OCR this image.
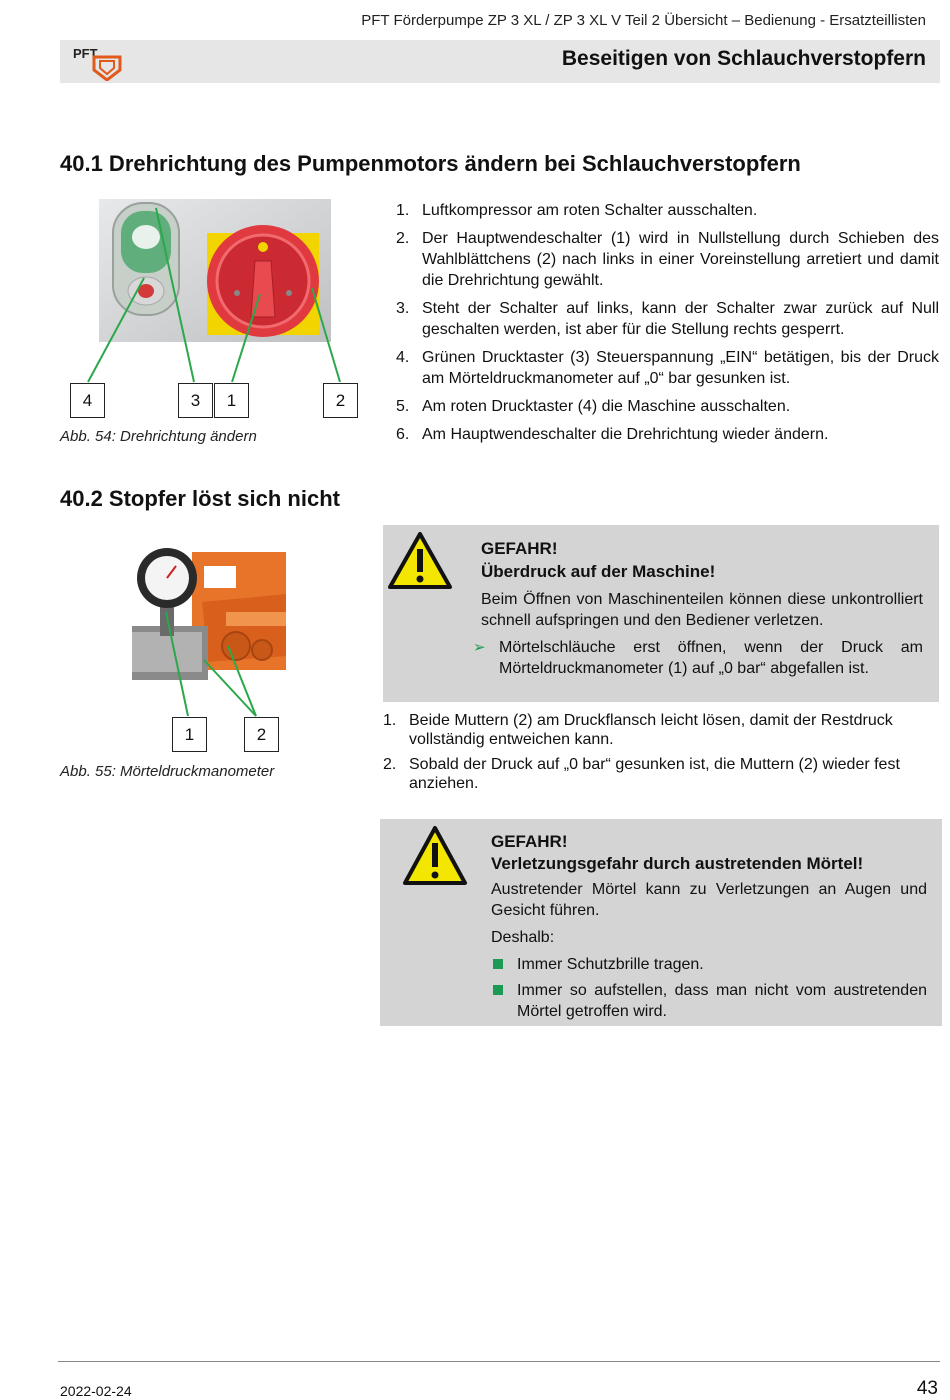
PFT Förderpumpe ZP 3 XL / ZP 3 XL V Teil 2 Übersicht – Bedienung - Ersatzteillisten
Beseitigen von Schlauchverstopfern
PFT
40.1 Drehrichtung des Pumpenmotors ändern bei Schlauchverstopfern
4	3	1	2
Abb. 54: Drehrichtung ändern
1. Luftkompressor am roten Schalter ausschalten.
2. Der Hauptwendeschalter (1) wird in Nullstellung durch Schieben des Wahlblättchens (2) nach links in einer Voreinstellung arretiert und damit die Drehrichtung gewählt.
3. Steht der Schalter auf links, kann der Schalter zwar zurück auf Null geschalten werden, ist aber für die Stellung rechts gesperrt.
4. Grünen Drucktaster (3) Steuerspannung „EIN“ betätigen, bis der Druck am Mörteldruckmanometer auf „0“ bar gesunken ist.
5. Am roten Drucktaster (4) die Maschine ausschalten.
6. Am Hauptwendeschalter die Drehrichtung wieder ändern.
40.2 Stopfer löst sich nicht
1	2
Abb. 55: Mörteldruckmanometer
GEFAHR!
Überdruck auf der Maschine!

Beim Öffnen von Maschinenteilen können diese unkontrolliert schnell aufspringen und den Bediener verletzen.

➢ Mörtelschläuche erst öffnen, wenn der Druck am Mörteldruckmanometer (1) auf „0 bar“ abgefallen ist.
1. Beide Muttern (2) am Druckflansch leicht lösen, damit der Restdruck vollständig entweichen kann.
2. Sobald der Druck auf „0 bar“ gesunken ist, die Muttern (2) wieder fest anziehen.
GEFAHR!
Verletzungsgefahr durch austretenden Mörtel!

Austretender Mörtel kann zu Verletzungen an Augen und Gesicht führen.

Deshalb:

Immer Schutzbrille tragen.
Immer so aufstellen, dass man nicht vom austretenden Mörtel getroffen wird.
2022-02-24	43
